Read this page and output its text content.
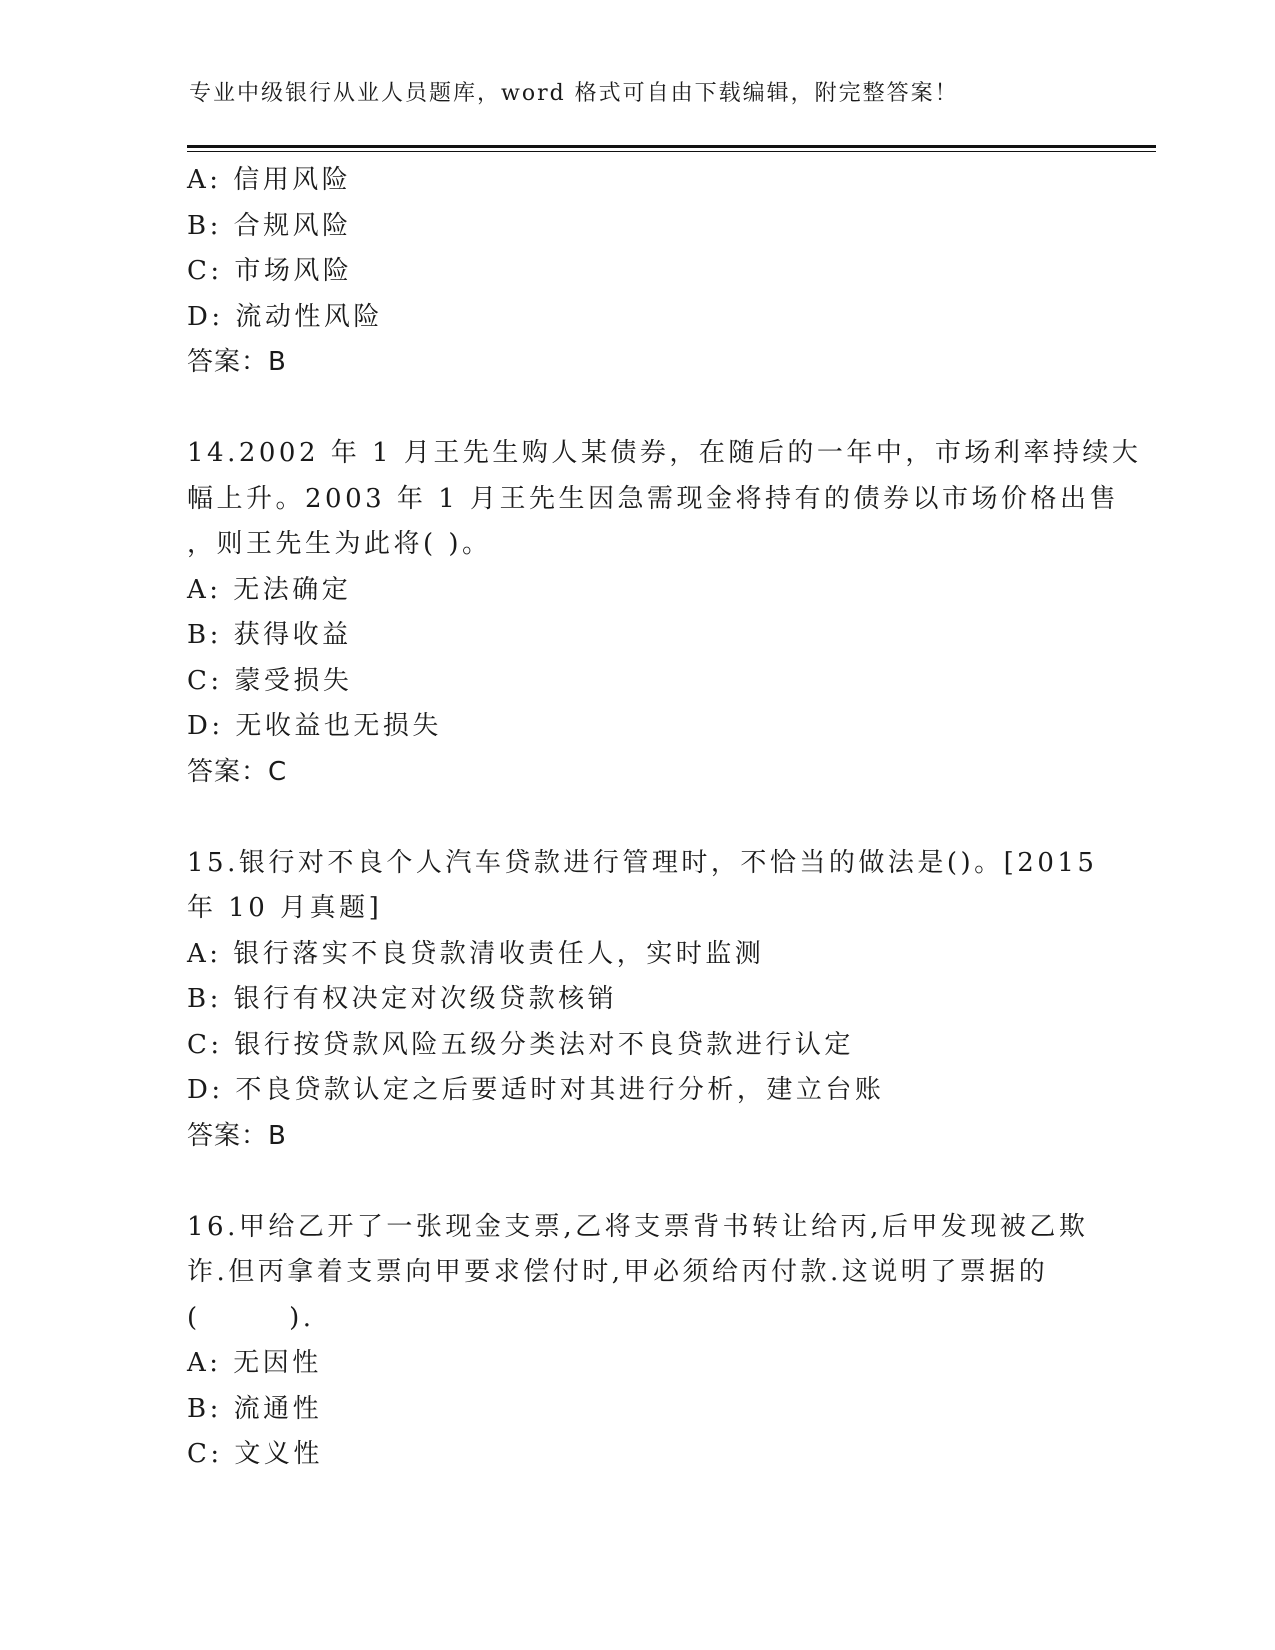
专业中级银行从业人员题库，word 格式可自由下载编辑，附完整答案！
A: 信用风险
B: 合规风险
C: 市场风险
D: 流动性风险
答案：B
14.2002 年 1 月王先生购人某债券，在随后的一年中，市场利率持续大
幅上升。2003 年 1 月王先生因急需现金将持有的债券以市场价格出售
，则王先生为此将( )。
A: 无法确定
B: 获得收益
C: 蒙受损失
D: 无收益也无损失
答案：C
15.银行对不良个人汽车贷款进行管理时，不恰当的做法是()。[2015
年 10 月真题]
A: 银行落实不良贷款清收责任人，实时监测
B: 银行有权决定对次级贷款核销
C: 银行按贷款风险五级分类法对不良贷款进行认定
D: 不良贷款认定之后要适时对其进行分析，建立台账
答案：B
16.甲给乙开了一张现金支票,乙将支票背书转让给丙,后甲发现被乙欺
诈.但丙拿着支票向甲要求偿付时,甲必须给丙付款.这说明了票据的
(　　　).
A: 无因性
B: 流通性
C: 文义性
